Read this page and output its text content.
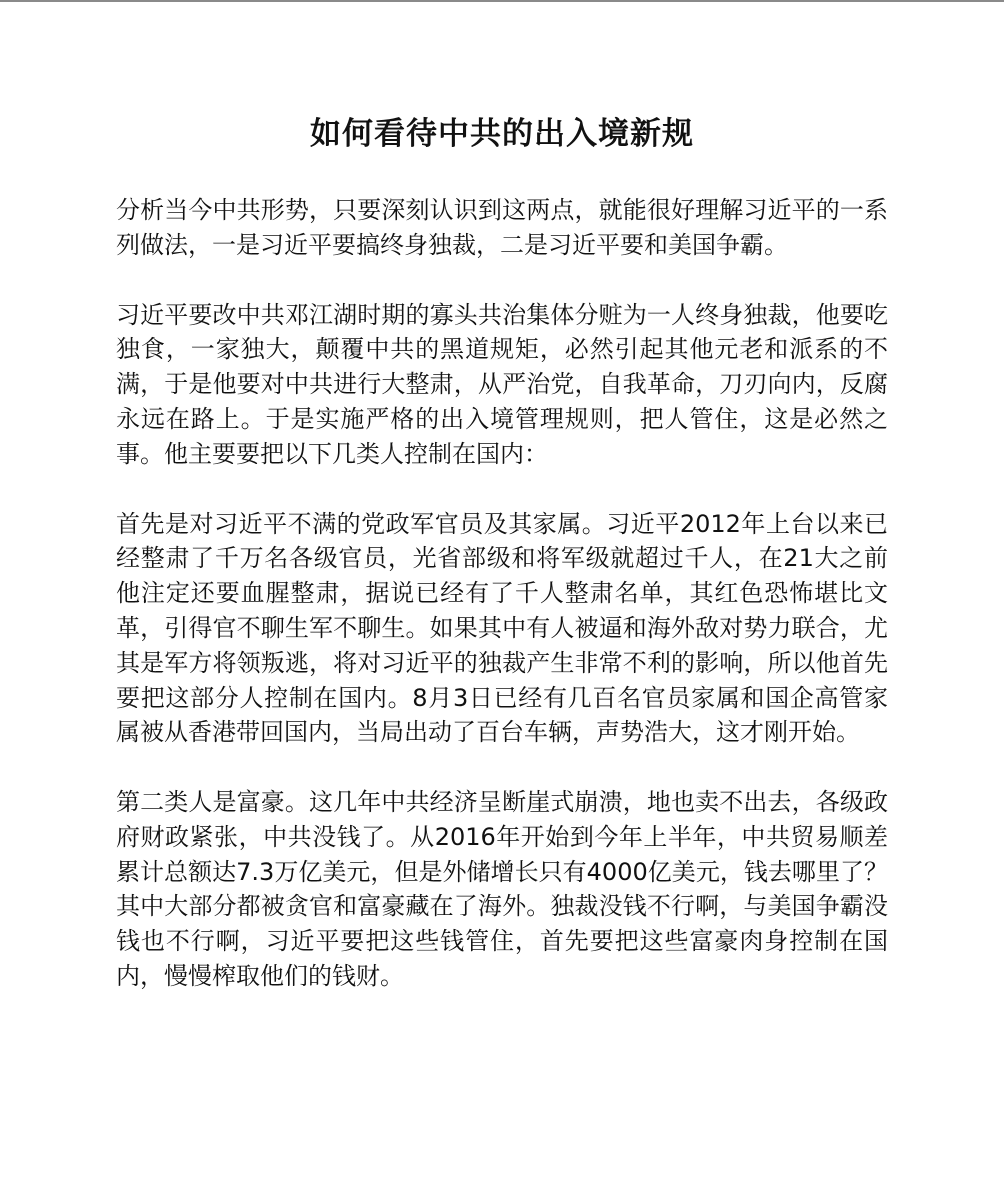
如何看待中共的出入境新规

分析当今中共形势，只要深刻认识到这两点，就能很好理解习近平的一系列做法，一是习近平要搞终身独裁，二是习近平要和美国争霸。

习近平要改中共邓江湖时期的寡头共治集体分赃为一人终身独裁，他要吃独食，一家独大，颠覆中共的黑道规矩，必然引起其他元老和派系的不满，于是他要对中共进行大整肃，从严治党，自我革命，刀刃向内，反腐永远在路上。于是实施严格的出入境管理规则，把人管住，这是必然之事。他主要要把以下几类人控制在国内：

首先是对习近平不满的党政军官员及其家属。习近平2012年上台以来已经整肃了千万名各级官员，光省部级和将军级就超过千人，在21大之前他注定还要血腥整肃，据说已经有了千人整肃名单，其红色恐怖堪比文革，引得官不聊生军不聊生。如果其中有人被逼和海外敌对势力联合，尤其是军方将领叛逃，将对习近平的独裁产生非常不利的影响，所以他首先要把这部分人控制在国内。8月3日已经有几百名官员家属和国企高管家属被从香港带回国内，当局出动了百台车辆，声势浩大，这才刚开始。

第二类人是富豪。这几年中共经济呈断崖式崩溃，地也卖不出去，各级政府财政紧张，中共没钱了。从2016年开始到今年上半年，中共贸易顺差累计总额达7.3万亿美元，但是外储增长只有4000亿美元，钱去哪里了？其中大部分都被贪官和富豪藏在了海外。独裁没钱不行啊，与美国争霸没钱也不行啊，习近平要把这些钱管住，首先要把这些富豪肉身控制在国内，慢慢榨取他们的钱财。
